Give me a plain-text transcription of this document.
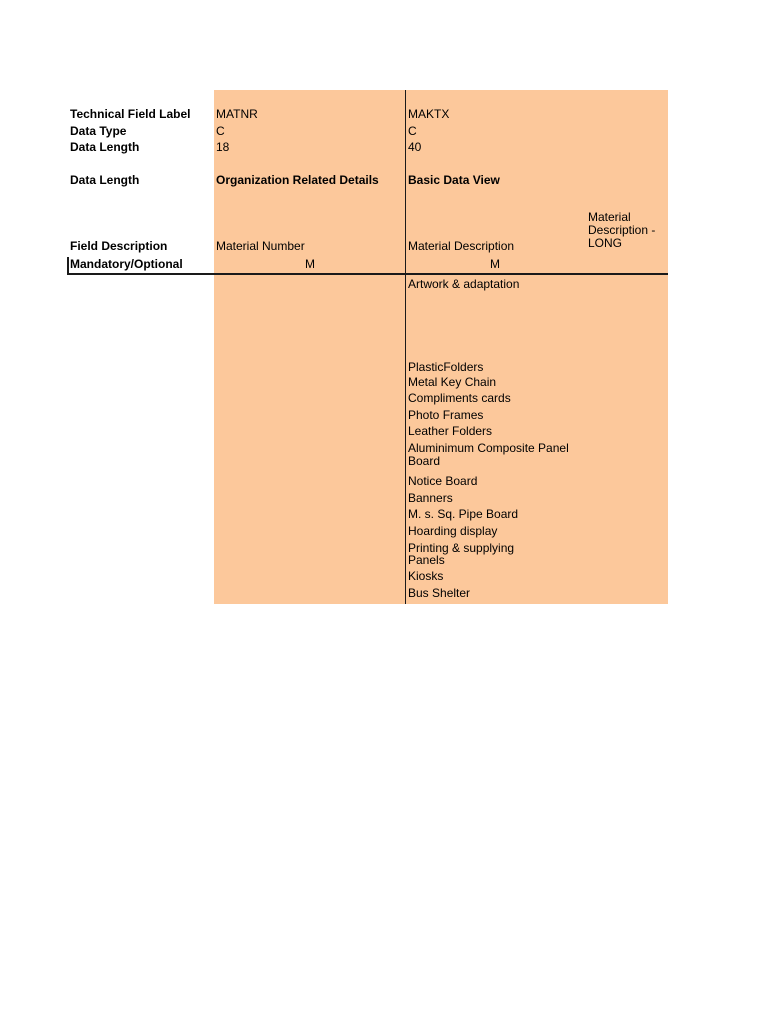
Technical Field Label
Data Type
Data Length
Data Length
Field Description
Mandatory/Optional
MATNR
C
18
Organization Related Details
Material Number
M
MAKTX
C
40
Basic Data View
Material Description
M
Material Description - LONG
Artwork & adaptation
PlasticFolders
Metal Key Chain
Compliments cards
Photo Frames
Leather Folders
Aluminimum Composite Panel Board
Notice Board
Banners
M. s. Sq. Pipe Board
Hoarding display
Printing & supplying Panels
Kiosks
Bus Shelter
